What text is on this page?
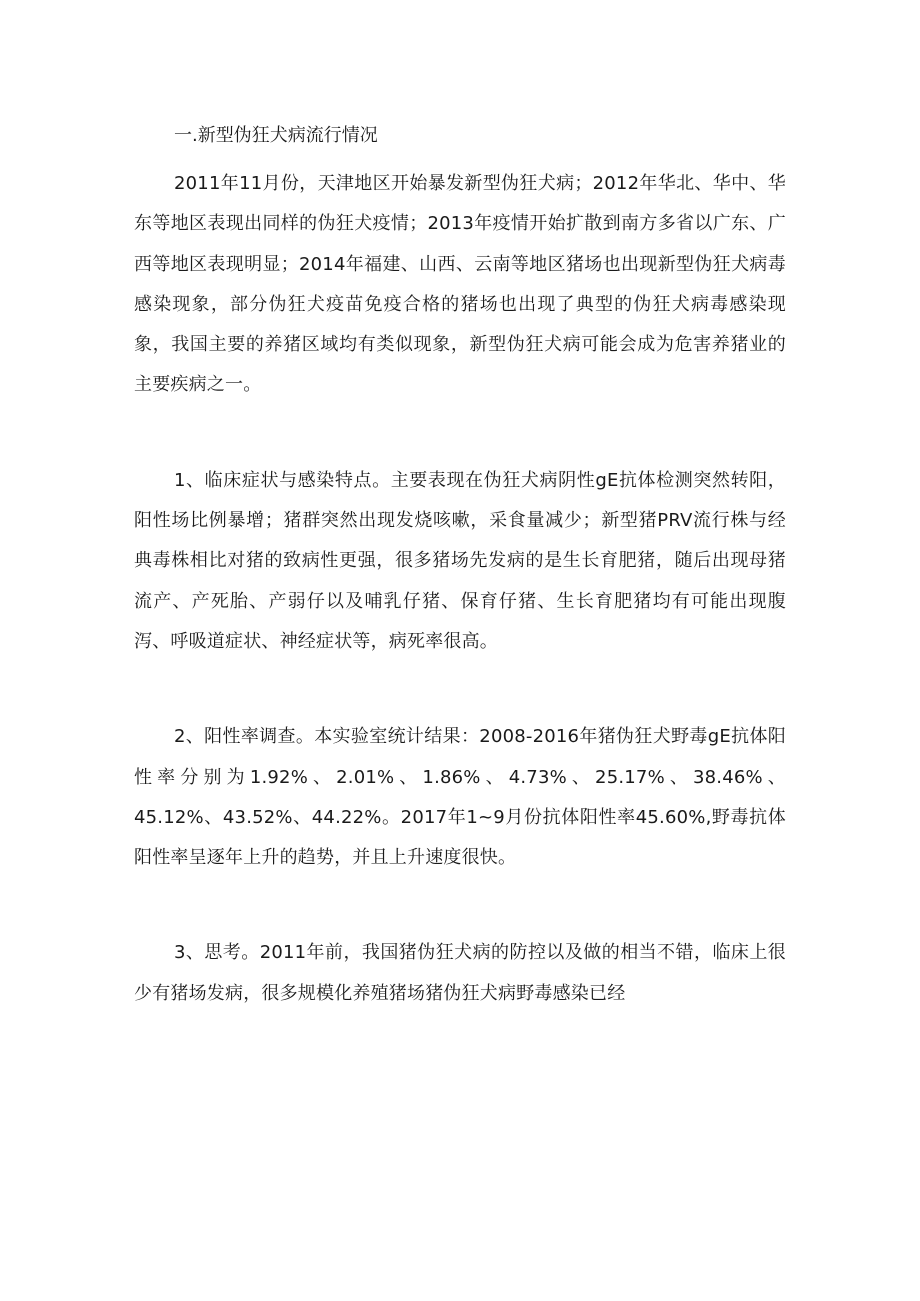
一.新型伪狂犬病流行情况

2011年11月份，天津地区开始暴发新型伪狂犬病；2012年华北、华中、华东等地区表现出同样的伪狂犬疫情；2013年疫情开始扩散到南方多省以广东、广西等地区表现明显；2014年福建、山西、云南等地区猪场也出现新型伪狂犬病毒感染现象，部分伪狂犬疫苗免疫合格的猪场也出现了典型的伪狂犬病毒感染现象，我国主要的养猪区域均有类似现象，新型伪狂犬病可能会成为危害养猪业的主要疾病之一。

1、临床症状与感染特点。主要表现在伪狂犬病阴性gE抗体检测突然转阳，阳性场比例暴增；猪群突然出现发烧咳嗽，采食量减少；新型猪PRV流行株与经典毒株相比对猪的致病性更强，很多猪场先发病的是生长育肥猪，随后出现母猪流产、产死胎、产弱仔以及哺乳仔猪、保育仔猪、生长育肥猪均有可能出现腹泻、呼吸道症状、神经症状等，病死率很高。

2、阳性率调查。本实验室统计结果：2008-2016年猪伪狂犬野毒gE抗体阳性率分别为1.92%、2.01%、1.86%、4.73%、25.17%、38.46%、45.12%、43.52%、44.22%。2017年1~9月份抗体阳性率45.60%,野毒抗体阳性率呈逐年上升的趋势，并且上升速度很快。

3、思考。2011年前，我国猪伪狂犬病的防控以及做的相当不错，临床上很少有猪场发病，很多规模化养殖猪场猪伪狂犬病野毒感染已经
